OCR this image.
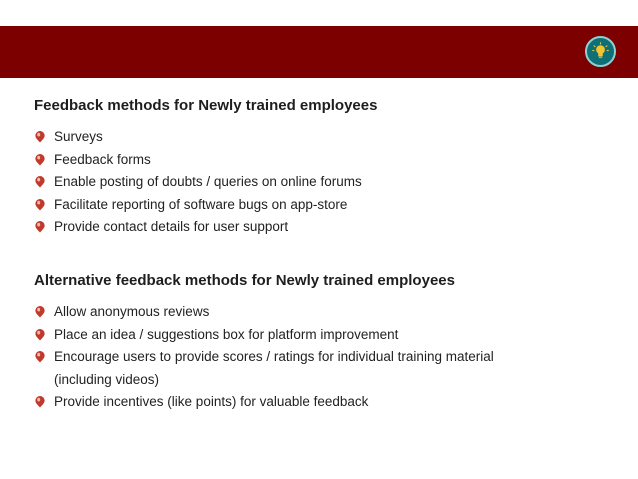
Feedback methods for Newly trained employees
Surveys
Feedback forms
Enable posting of doubts / queries on online forums
Facilitate reporting of software bugs on app-store
Provide contact details for user support
Alternative feedback methods for Newly trained employees
Allow anonymous reviews
Place an idea / suggestions box for platform improvement
Encourage users to provide scores / ratings for individual training material
(including videos)
Provide incentives (like points) for valuable feedback
